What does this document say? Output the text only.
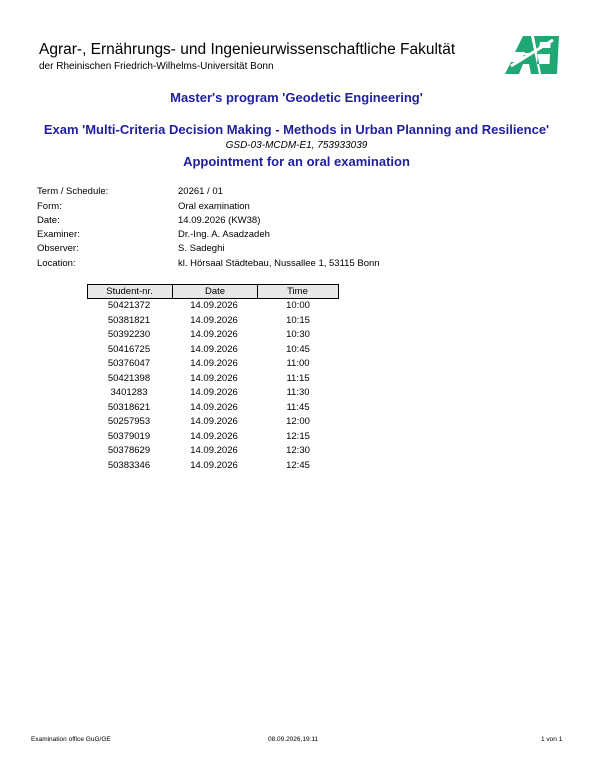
Agrar-, Ernährungs- und Ingenieurwissenschaftliche Fakultät
der Rheinischen Friedrich-Wilhelms-Universität Bonn
Master's program 'Geodetic Engineering'
Exam 'Multi-Criteria Decision Making - Methods in Urban Planning and Resilience'
GSD-03-MCDM-E1, 753933039
Appointment for an oral examination
Term / Schedule:	20261 / 01
Form:	Oral examination
Date:	14.09.2026 (KW38)
Examiner:	Dr.-Ing. A. Asadzadeh
Observer:	S. Sadeghi
Location:	kl. Hörsaal Städtebau, Nussallee 1, 53115 Bonn
Student-nr.	Date	Time
50421372	14.09.2026	10:00
50381821	14.09.2026	10:15
50392230	14.09.2026	10:30
50416725	14.09.2026	10:45
50376047	14.09.2026	11:00
50421398	14.09.2026	11:15
3401283	14.09.2026	11:30
50318621	14.09.2026	11:45
50257953	14.09.2026	12:00
50379019	14.09.2026	12:15
50378629	14.09.2026	12:30
50383346	14.09.2026	12:45
Examination office GuG/GE	08.09.2026,19:11	1 von 1
